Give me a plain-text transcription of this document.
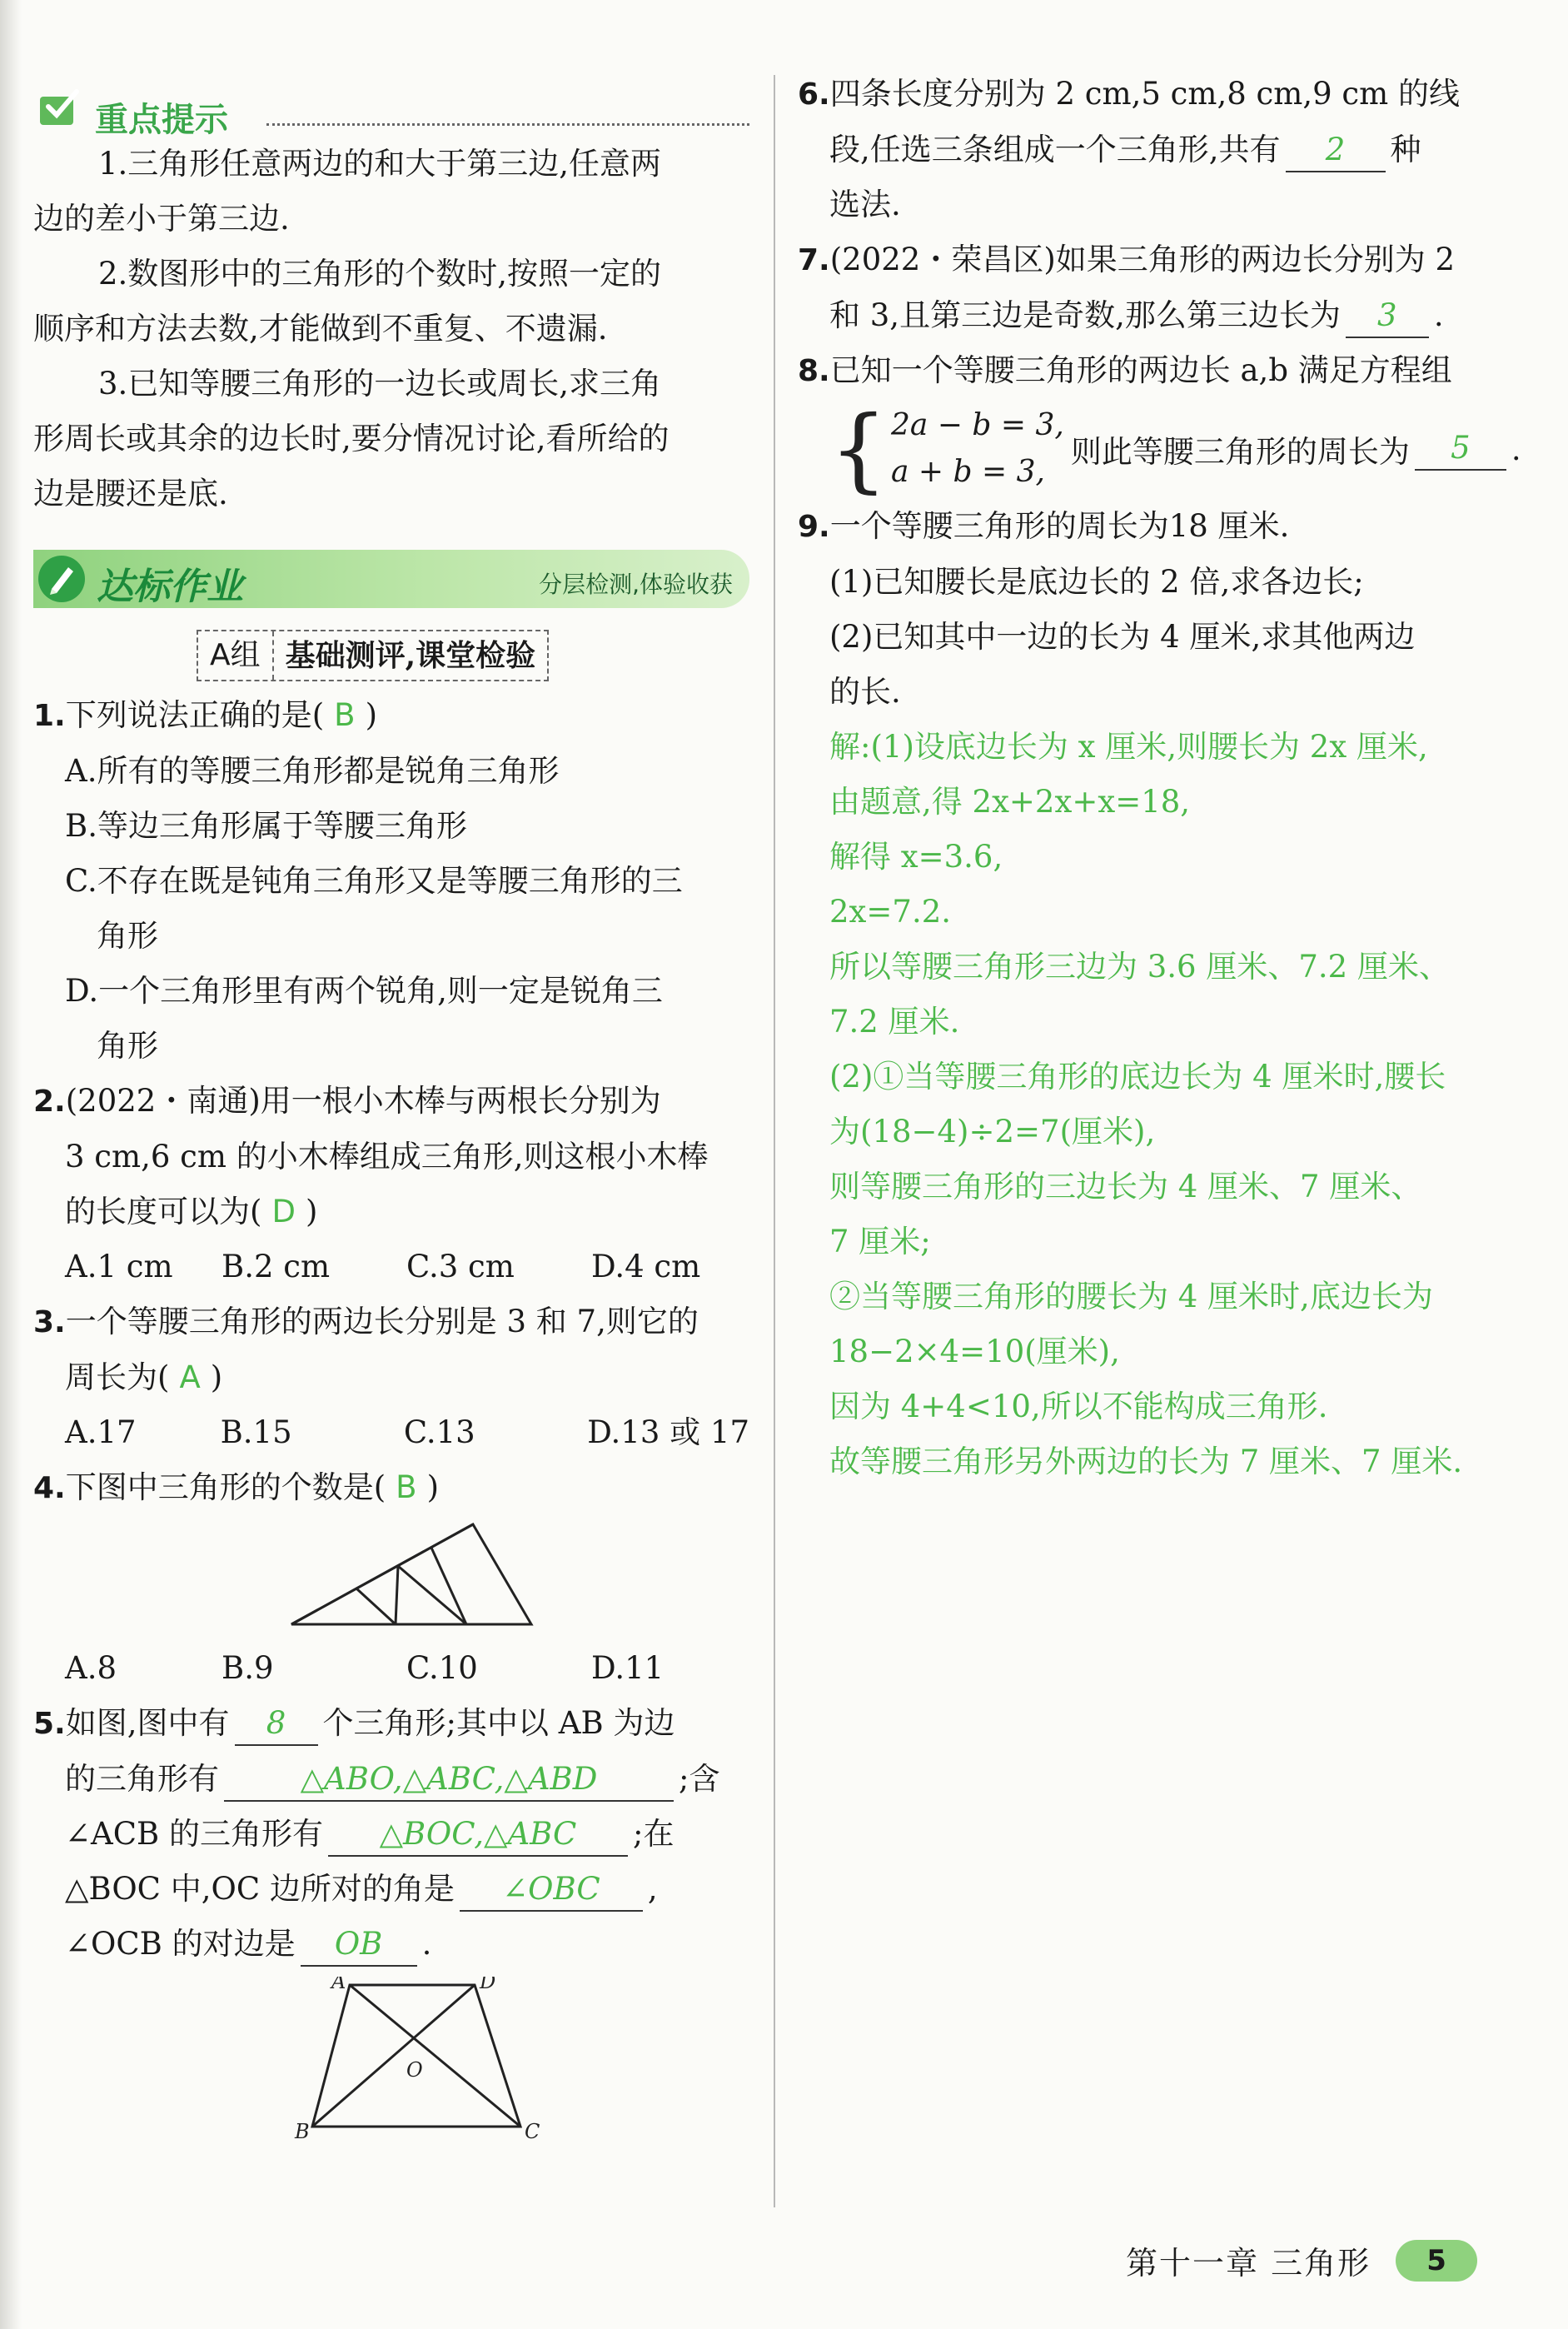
重点提示
1.三角形任意两边的和大于第三边,任意两
边的差小于第三边.
2.数图形中的三角形的个数时,按照一定的
顺序和方法去数,才能做到不重复、不遗漏.
3.已知等腰三角形的一边长或周长,求三角
形周长或其余的边长时,要分情况讨论,看所给的
边是腰还是底.
达标作业	分层检测,体验收获
A组 基础测评,课堂检验
1.下列说法正确的是( B )
A.所有的等腰三角形都是锐角三角形
B.等边三角形属于等腰三角形
C.不存在既是钝角三角形又是等腰三角形的三
角形
D.一个三角形里有两个锐角,则一定是锐角三
角形
2.(2022・南通)用一根小木棒与两根长分别为
3 cm,6 cm 的小木棒组成三角形,则这根小木棒
的长度可以为( D )
A.1 cm	B.2 cm	C.3 cm	D.4 cm
3.一个等腰三角形的两边长分别是 3 和 7,则它的
周长为( A )
A.17	B.15	C.13	D.13 或 17
4.下图中三角形的个数是( B )
A.8	B.9	C.10	D.11
5.如图,图中有 8 个三角形;其中以 AB 为边
的三角形有	△ABO,△ABC,△ABD	;含
∠ACB 的三角形有 △BOC,△ABC ;在
△BOC 中,OC 边所对的角是 ∠OBC ,
∠OCB 的对边是 OB .
A	D
B	C
O
6.四条长度分别为 2 cm,5 cm,8 cm,9 cm 的线
段,任选三条组成一个三角形,共有 2 种
选法.
7.(2022・荣昌区)如果三角形的两边长分别为 2
和 3,且第三边是奇数,那么第三边长为 3 .
8.已知一个等腰三角形的两边长 a,b 满足方程组
{ 2a − b = 3,
a + b = 3,
则此等腰三角形的周长为	5	.
9.一个等腰三角形的周长为18 厘米.
(1)已知腰长是底边长的 2 倍,求各边长;
(2)已知其中一边的长为 4 厘米,求其他两边
的长.
解:(1)设底边长为 x 厘米,则腰长为 2x 厘米,
由题意,得 2x+2x+x=18,
解得 x=3.6,
2x=7.2.
所以等腰三角形三边为 3.6 厘米、7.2 厘米、
7.2 厘米.
(2)①当等腰三角形的底边长为 4 厘米时,腰长
为(18−4)÷2=7(厘米),
则等腰三角形的三边长为 4 厘米、7 厘米、
7 厘米;
②当等腰三角形的腰长为 4 厘米时,底边长为
18−2×4=10(厘米),
因为 4+4<10,所以不能构成三角形.
故等腰三角形另外两边的长为 7 厘米、7 厘米.
第十一章 三角形	5
